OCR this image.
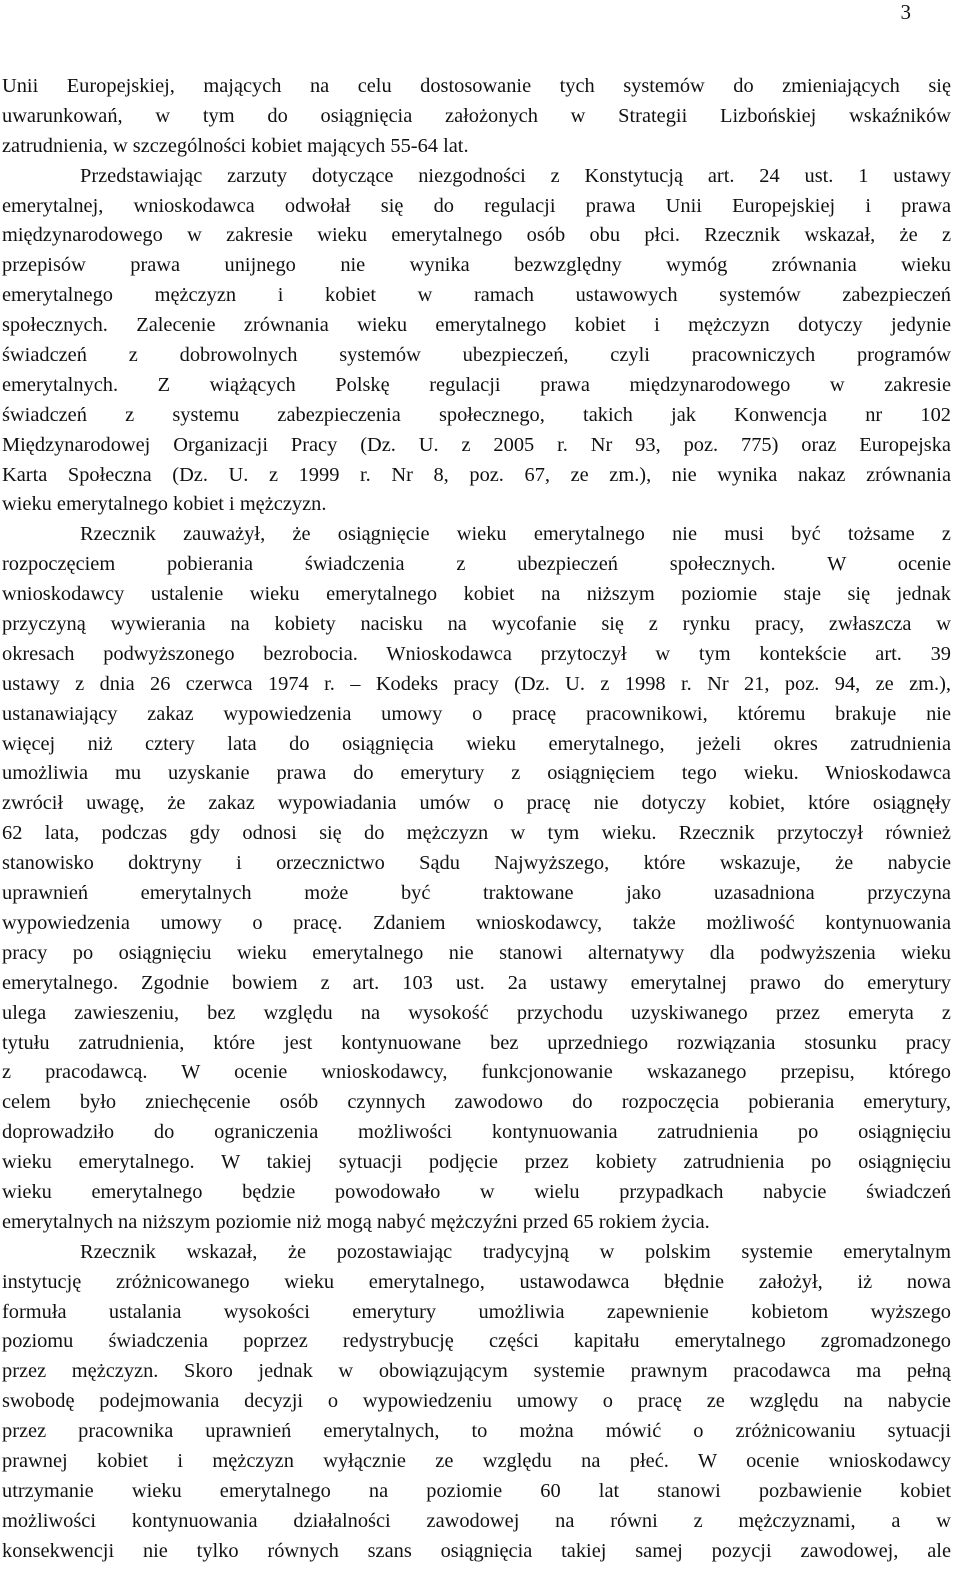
3
Unii Europejskiej, mających na celu dostosowanie tych systemów do zmieniających się
uwarunkowań, w tym do osiągnięcia założonych w Strategii Lizbońskiej wskaźników
zatrudnienia, w szczególności kobiet mających 55-64 lat.
Przedstawiając zarzuty dotyczące niezgodności z Konstytucją art. 24 ust. 1 ustawy
emerytalnej, wnioskodawca odwołał się do regulacji prawa Unii Europejskiej i prawa
międzynarodowego w zakresie wieku emerytalnego osób obu płci. Rzecznik wskazał, że z
przepisów prawa unijnego nie wynika bezwzględny wymóg zrównania wieku
emerytalnego mężczyzn i kobiet w ramach ustawowych systemów zabezpieczeń
społecznych. Zalecenie zrównania wieku emerytalnego kobiet i mężczyzn dotyczy jedynie
świadczeń z dobrowolnych systemów ubezpieczeń, czyli pracowniczych programów
emerytalnych. Z wiążących Polskę regulacji prawa międzynarodowego w zakresie
świadczeń z systemu zabezpieczenia społecznego, takich jak Konwencja nr 102
Międzynarodowej Organizacji Pracy (Dz. U. z 2005 r. Nr 93, poz. 775) oraz Europejska
Karta Społeczna (Dz. U. z 1999 r. Nr 8, poz. 67, ze zm.), nie wynika nakaz zrównania
wieku emerytalnego kobiet i mężczyzn.
Rzecznik zauważył, że osiągnięcie wieku emerytalnego nie musi być tożsame z
rozpoczęciem pobierania świadczenia z ubezpieczeń społecznych. W ocenie
wnioskodawcy ustalenie wieku emerytalnego kobiet na niższym poziomie staje się jednak
przyczyną wywierania na kobiety nacisku na wycofanie się z rynku pracy, zwłaszcza w
okresach podwyższonego bezrobocia. Wnioskodawca przytoczył w tym kontekście art. 39
ustawy z dnia 26 czerwca 1974 r. – Kodeks pracy (Dz. U. z 1998 r. Nr 21, poz. 94, ze zm.),
ustanawiający zakaz wypowiedzenia umowy o pracę pracownikowi, któremu brakuje nie
więcej niż cztery lata do osiągnięcia wieku emerytalnego, jeżeli okres zatrudnienia
umożliwia mu uzyskanie prawa do emerytury z osiągnięciem tego wieku. Wnioskodawca
zwrócił uwagę, że zakaz wypowiadania umów o pracę nie dotyczy kobiet, które osiągnęły
62 lata, podczas gdy odnosi się do mężczyzn w tym wieku. Rzecznik przytoczył również
stanowisko doktryny i orzecznictwo Sądu Najwyższego, które wskazuje, że nabycie
uprawnień emerytalnych może być traktowane jako uzasadniona przyczyna
wypowiedzenia umowy o pracę. Zdaniem wnioskodawcy, także możliwość kontynuowania
pracy po osiągnięciu wieku emerytalnego nie stanowi alternatywy dla podwyższenia wieku
emerytalnego. Zgodnie bowiem z art. 103 ust. 2a ustawy emerytalnej prawo do emerytury
ulega zawieszeniu, bez względu na wysokość przychodu uzyskiwanego przez emeryta z
tytułu zatrudnienia, które jest kontynuowane bez uprzedniego rozwiązania stosunku pracy
z pracodawcą. W ocenie wnioskodawcy, funkcjonowanie wskazanego przepisu, którego
celem było zniechęcenie osób czynnych zawodowo do rozpoczęcia pobierania emerytury,
doprowadziło do ograniczenia możliwości kontynuowania zatrudnienia po osiągnięciu
wieku emerytalnego. W takiej sytuacji podjęcie przez kobiety zatrudnienia po osiągnięciu
wieku emerytalnego będzie powodowało w wielu przypadkach nabycie świadczeń
emerytalnych na niższym poziomie niż mogą nabyć mężczyźni przed 65 rokiem życia.
Rzecznik wskazał, że pozostawiając tradycyjną w polskim systemie emerytalnym
instytucję zróżnicowanego wieku emerytalnego, ustawodawca błędnie założył, iż nowa
formuła ustalania wysokości emerytury umożliwia zapewnienie kobietom wyższego
poziomu świadczenia poprzez redystrybucję części kapitału emerytalnego zgromadzonego
przez mężczyzn. Skoro jednak w obowiązującym systemie prawnym pracodawca ma pełną
swobodę podejmowania decyzji o wypowiedzeniu umowy o pracę ze względu na nabycie
przez pracownika uprawnień emerytalnych, to można mówić o zróżnicowaniu sytuacji
prawnej kobiet i mężczyzn wyłącznie ze względu na płeć. W ocenie wnioskodawcy
utrzymanie wieku emerytalnego na poziomie 60 lat stanowi pozbawienie kobiet
możliwości kontynuowania działalności zawodowej na równi z mężczyznami, a w
konsekwencji nie tylko równych szans osiągnięcia takiej samej pozycji zawodowej, ale
